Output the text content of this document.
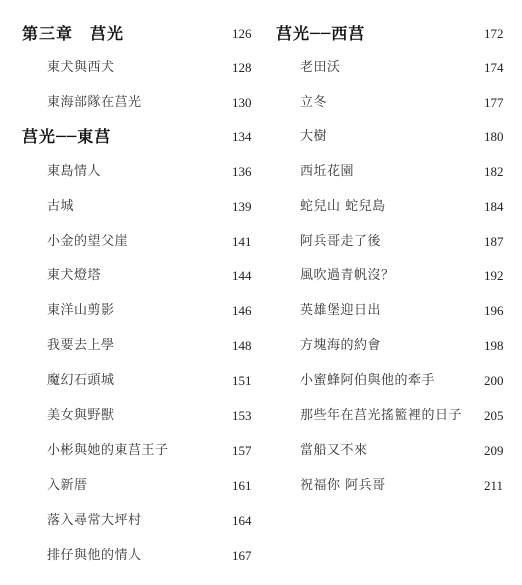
第三章　莒光	126
東犬與西犬	128
東海部隊在莒光	130
莒光──東莒	134
東島情人	136
古城	139
小金的望父崖	141
東犬燈塔	144
東洋山剪影	146
我要去上學	148
魔幻石頭城	151
美女與野獸	153
小彬與她的東莒王子	157
入新厝	161
落入尋常大坪村	164
排仔與他的情人	167
莒光──西莒	172
老田沃	174
立冬	177
大樹	180
西坵花園	182
蛇兒山 蛇兒島	184
阿兵哥走了後	187
風吹過青帆沒？	192
英雄堡迎日出	196
方塊海的約會	198
小蜜蜂阿伯與他的牽手	200
那些年在莒光搖籃裡的日子 205
當船又不來	209
祝福你 阿兵哥	211
